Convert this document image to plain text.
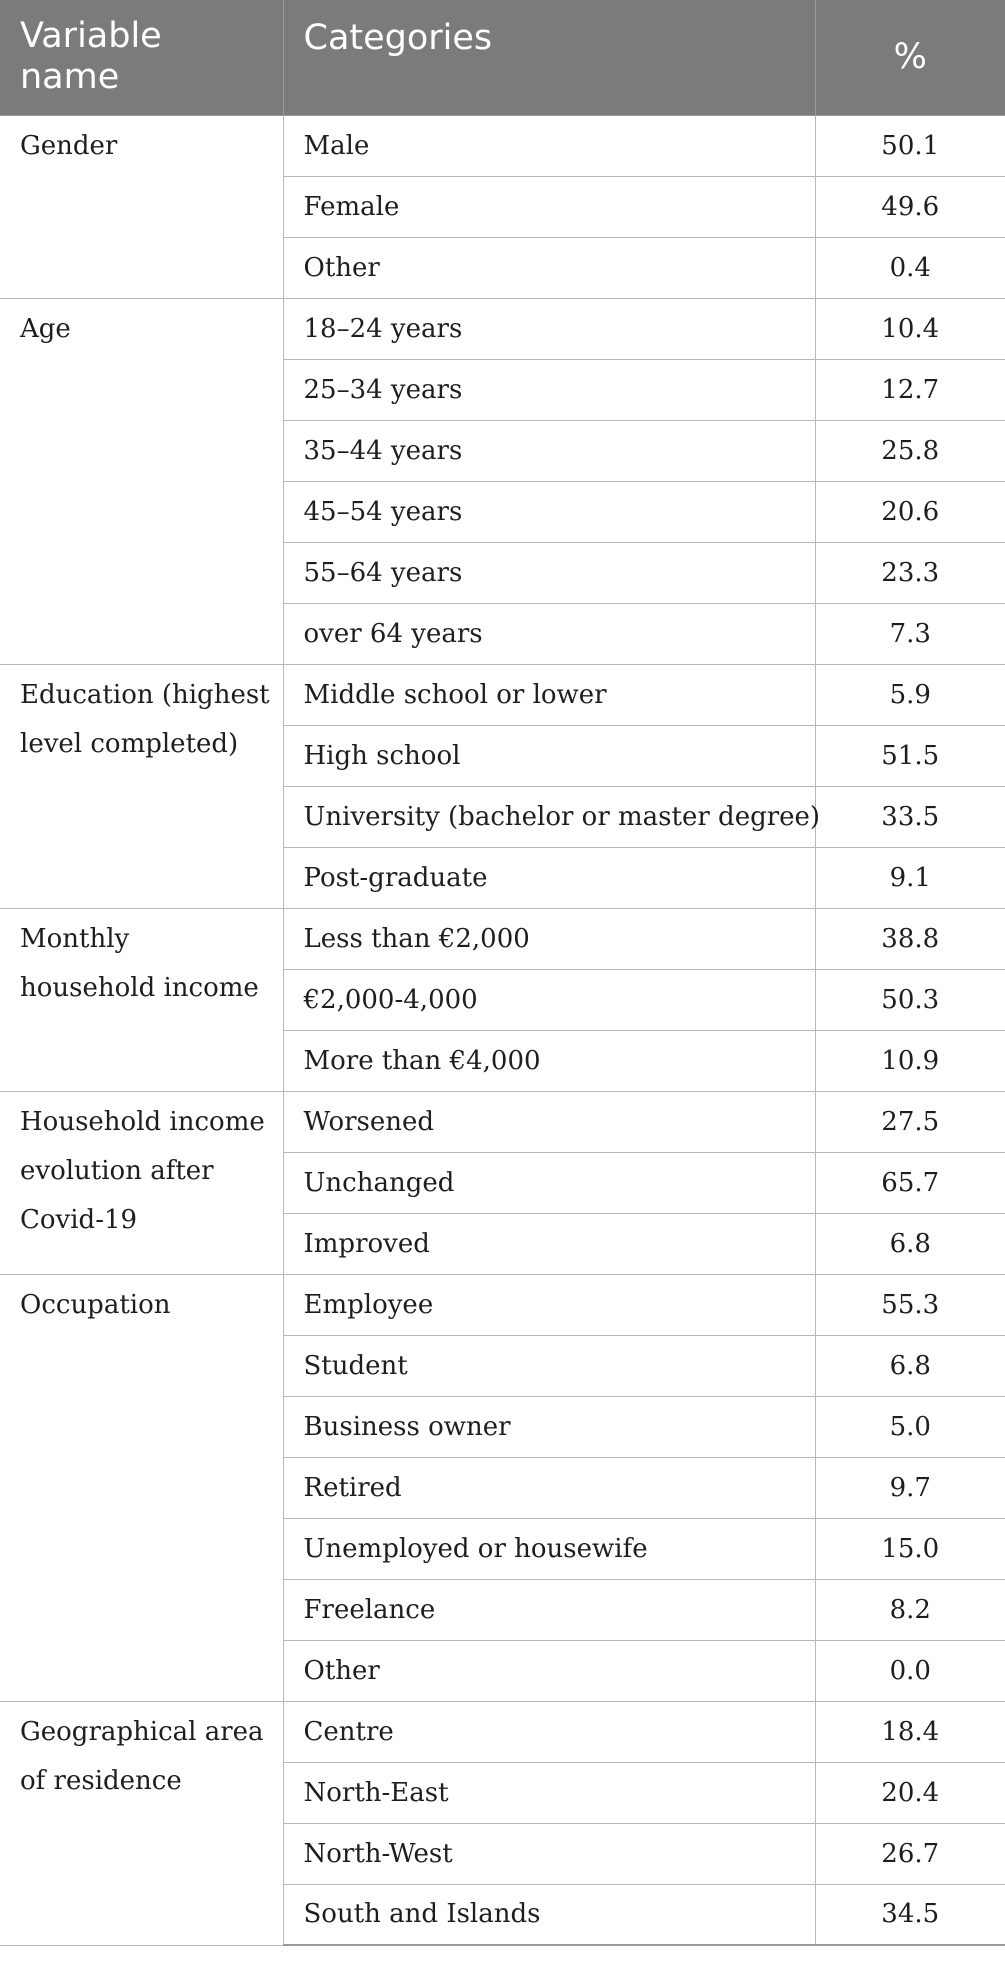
Variable name	Categories	%
Gender	Male	50.1
	Female	49.6
	Other	0.4
Age	18–24 years	10.4
	25–34 years	12.7
	35–44 years	25.8
	45–54 years	20.6
	55–64 years	23.3
	over 64 years	7.3
Education (highest level completed)	Middle school or lower	5.9
	High school	51.5
	University (bachelor or master degree)	33.5
	Post-graduate	9.1
Monthly household income	Less than €2,000	38.8
	€2,000-4,000	50.3
	More than €4,000	10.9
Household income evolution after Covid-19	Worsened	27.5
	Unchanged	65.7
	Improved	6.8
Occupation	Employee	55.3
	Student	6.8
	Business owner	5.0
	Retired	9.7
	Unemployed or housewife	15.0
	Freelance	8.2
	Other	0.0
Geographical area of residence	Centre	18.4
	North-East	20.4
	North-West	26.7
	South and Islands	34.5
